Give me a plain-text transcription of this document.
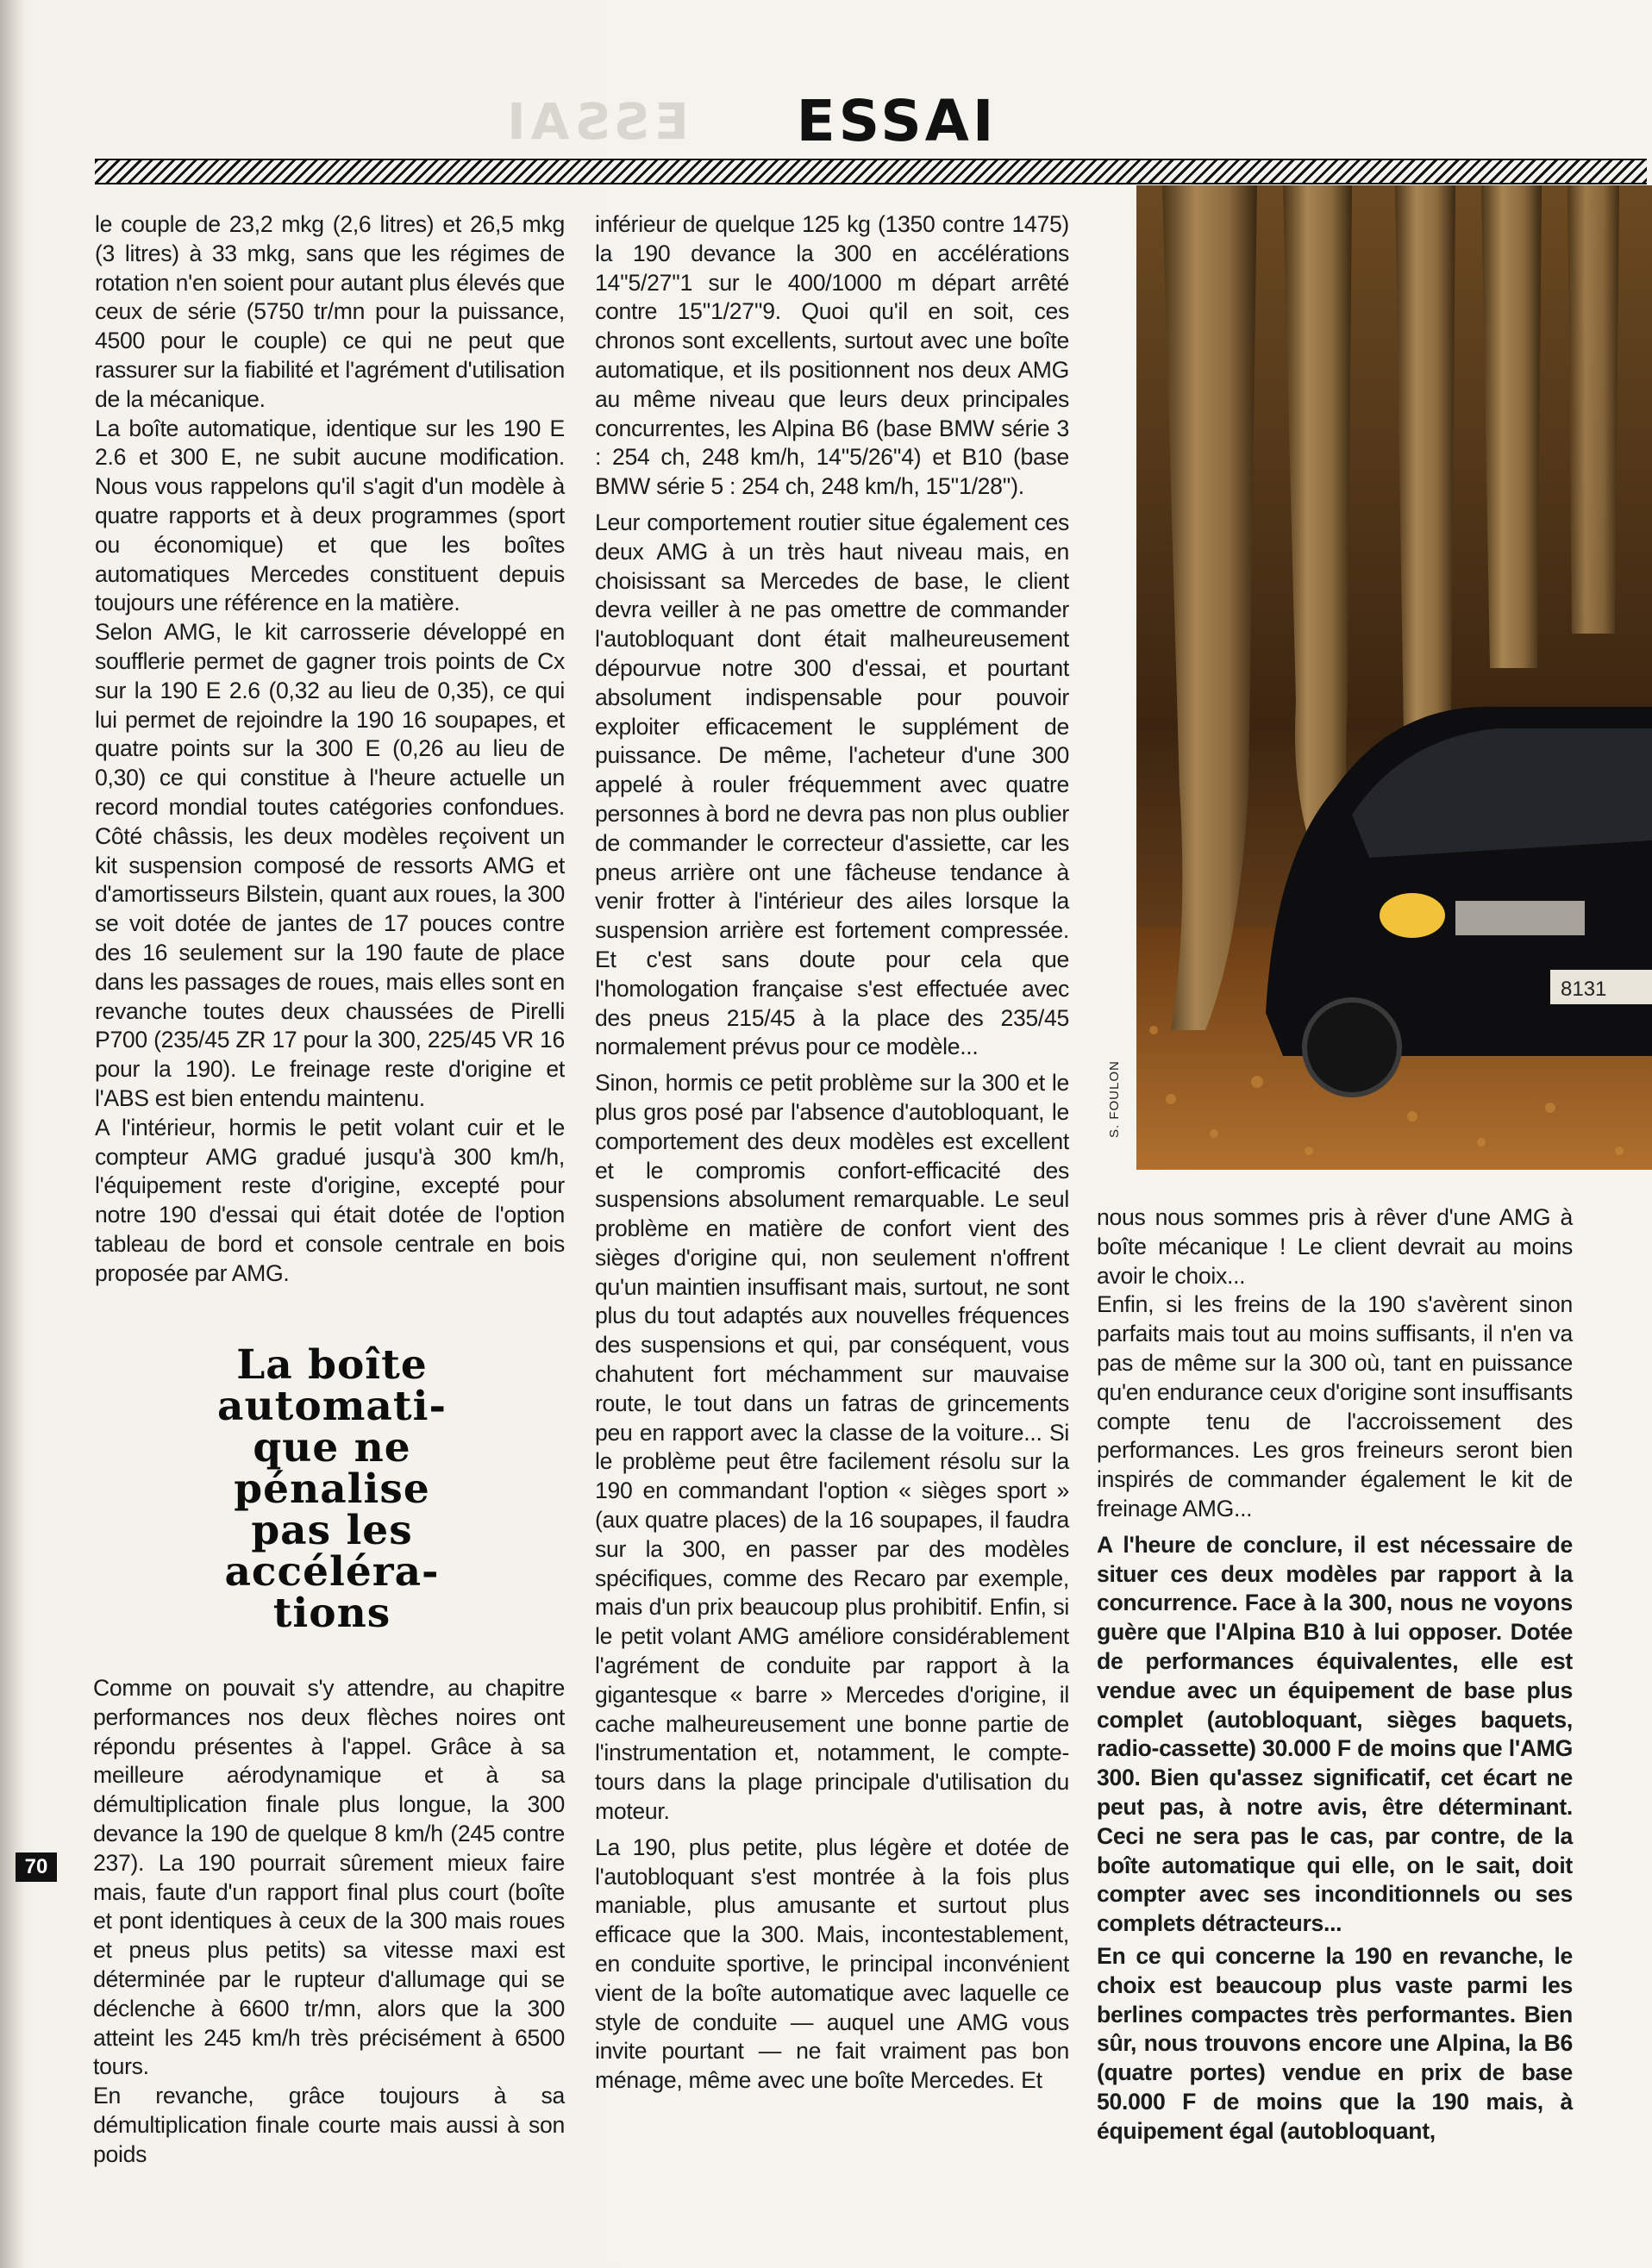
ESSAI	ESSAI

le couple de 23,2 mkg (2,6 litres) et 26,5 mkg (3 litres) à 33 mkg, sans que les régimes de rotation n'en soient pour autant plus élevés que ceux de série (5750 tr/mn pour la puissance, 4500 pour le couple) ce qui ne peut que rassurer sur la fiabilité et l'agrément d'utilisation de la mécanique.

La boîte automatique, identique sur les 190 E 2.6 et 300 E, ne subit aucune modification. Nous vous rappelons qu'il s'agit d'un modèle à quatre rapports et à deux programmes (sport ou économique) et que les boîtes automatiques Mercedes constituent depuis toujours une référence en la matière.

Selon AMG, le kit carrosserie développé en soufflerie permet de gagner trois points de Cx sur la 190 E 2.6 (0,32 au lieu de 0,35), ce qui lui permet de rejoindre la 190 16 soupapes, et quatre points sur la 300 E (0,26 au lieu de 0,30) ce qui constitue à l'heure actuelle un record mondial toutes catégories confondues. Côté châssis, les deux modèles reçoivent un kit suspension composé de ressorts AMG et d'amortisseurs Bilstein, quant aux roues, la 300 se voit dotée de jantes de 17 pouces contre des 16 seulement sur la 190 faute de place dans les passages de roues, mais elles sont en revanche toutes deux chaussées de Pirelli P700 (235/45 ZR 17 pour la 300, 225/45 VR 16 pour la 190). Le freinage reste d'origine et l'ABS est bien entendu maintenu.

A l'intérieur, hormis le petit volant cuir et le compteur AMG gradué jusqu'à 300 km/h, l'équipement reste d'origine, excepté pour notre 190 d'essai qui était dotée de l'option tableau de bord et console centrale en bois proposée par AMG.

La boîte
automati-
que ne
pénalise
pas les
accéléra-
tions

Comme on pouvait s'y attendre, au chapitre performances nos deux flèches noires ont répondu présentes à l'appel. Grâce à sa meilleure aérodynamique et à sa démultiplication finale plus longue, la 300 devance la 190 de quelque 8 km/h (245 contre 237). La 190 pourrait sûrement mieux faire mais, faute d'un rapport final plus court (boîte et pont identiques à ceux de la 300 mais roues et pneus plus petits) sa vitesse maxi est déterminée par le rupteur d'allumage qui se déclenche à 6600 tr/mn, alors que la 300 atteint les 245 km/h très précisément à 6500 tours.

En revanche, grâce toujours à sa démultiplication finale courte mais aussi à son poids

70

inférieur de quelque 125 kg (1350 contre 1475) la 190 devance la 300 en accélérations 14''5/27''1 sur le 400/1000 m départ arrêté contre 15''1/27''9. Quoi qu'il en soit, ces chronos sont excellents, surtout avec une boîte automatique, et ils positionnent nos deux AMG au même niveau que leurs deux principales concurrentes, les Alpina B6 (base BMW série 3 : 254 ch, 248 km/h, 14''5/26''4) et B10 (base BMW série 5 : 254 ch, 248 km/h, 15''1/28'').

Leur comportement routier situe également ces deux AMG à un très haut niveau mais, en choisissant sa Mercedes de base, le client devra veiller à ne pas omettre de commander l'autobloquant dont était malheureusement dépourvue notre 300 d'essai, et pourtant absolument indispensable pour pouvoir exploiter efficacement le supplément de puissance. De même, l'acheteur d'une 300 appelé à rouler fréquemment avec quatre personnes à bord ne devra pas non plus oublier de commander le correcteur d'assiette, car les pneus arrière ont une fâcheuse tendance à venir frotter à l'intérieur des ailes lorsque la suspension arrière est fortement compressée. Et c'est sans doute pour cela que l'homologation française s'est effectuée avec des pneus 215/45 à la place des 235/45 normalement prévus pour ce modèle...

Sinon, hormis ce petit problème sur la 300 et le plus gros posé par l'absence d'autobloquant, le comportement des deux modèles est excellent et le compromis confort-efficacité des suspensions absolument remarquable. Le seul problème en matière de confort vient des sièges d'origine qui, non seulement n'offrent qu'un maintien insuffisant mais, surtout, ne sont plus du tout adaptés aux nouvelles fréquences des suspensions et qui, par conséquent, vous chahutent fort méchamment sur mauvaise route, le tout dans un fatras de grincements peu en rapport avec la classe de la voiture... Si le problème peut être facilement résolu sur la 190 en commandant l'option « sièges sport » (aux quatre places) de la 16 soupapes, il faudra sur la 300, en passer par des modèles spécifiques, comme des Recaro par exemple, mais d'un prix beaucoup plus prohibitif. Enfin, si le petit volant AMG améliore considérablement l'agrément de conduite par rapport à la gigantesque « barre » Mercedes d'origine, il cache malheureusement une bonne partie de l'instrumentation et, notamment, le compte-tours dans la plage principale d'utilisation du moteur.

La 190, plus petite, plus légère et dotée de l'autobloquant s'est montrée à la fois plus maniable, plus amusante et surtout plus efficace que la 300. Mais, incontestablement, en conduite sportive, le principal inconvénient vient de la boîte automatique avec laquelle ce style de conduite — auquel une AMG vous invite pourtant — ne fait vraiment pas bon ménage, même avec une boîte Mercedes. Et

8131
S. FOULON

nous nous sommes pris à rêver d'une AMG à boîte mécanique ! Le client devrait au moins avoir le choix...

Enfin, si les freins de la 190 s'avèrent sinon parfaits mais tout au moins suffisants, il n'en va pas de même sur la 300 où, tant en puissance qu'en endurance ceux d'origine sont insuffisants compte tenu de l'accroissement des performances. Les gros freineurs seront bien inspirés de commander également le kit de freinage AMG...

A l'heure de conclure, il est nécessaire de situer ces deux modèles par rapport à la concurrence. Face à la 300, nous ne voyons guère que l'Alpina B10 à lui opposer. Dotée de performances équivalentes, elle est vendue avec un équipement de base plus complet (autobloquant, sièges baquets, radio-cassette) 30.000 F de moins que l'AMG 300. Bien qu'assez significatif, cet écart ne peut pas, à notre avis, être déterminant. Ceci ne sera pas le cas, par contre, de la boîte automatique qui elle, on le sait, doit compter avec ses inconditionnels ou ses complets détracteurs...

En ce qui concerne la 190 en revanche, le choix est beaucoup plus vaste parmi les berlines compactes très performantes. Bien sûr, nous trouvons encore une Alpina, la B6 (quatre portes) vendue en prix de base 50.000 F de moins que la 190 mais, à équipement égal (autobloquant,
